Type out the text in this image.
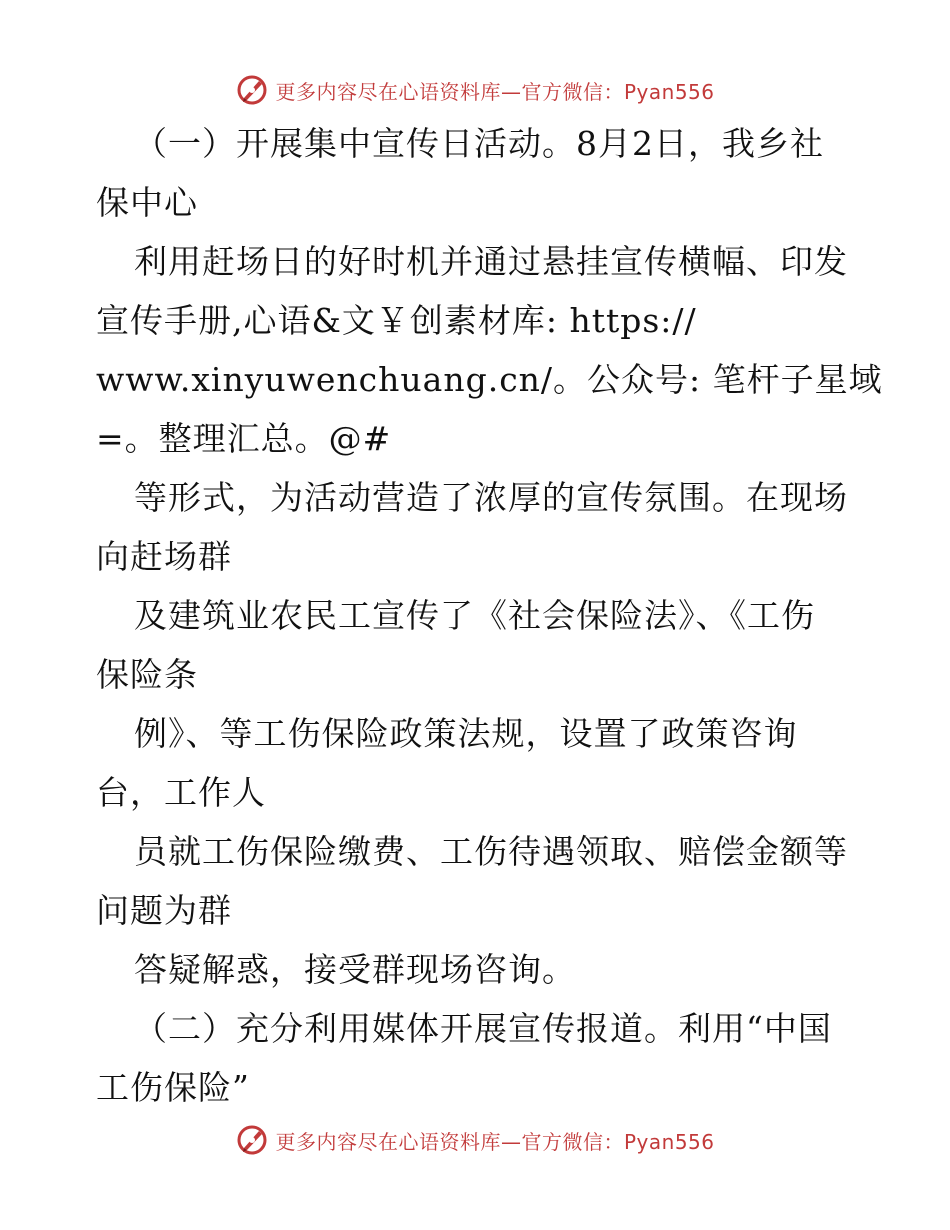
更多内容尽在心语资料库—官方微信：Pyan556
（一）开展集中宣传日活动。8月2日，我乡社
保中心
利用赶场日的好时机并通过悬挂宣传横幅、印发
宣传手册,心语&文￥创素材库: https://
www.xinyuwenchuang.cn/。公众号: 笔杆子星域
=。整理汇总。@#
等形式，为活动营造了浓厚的宣传氛围。在现场
向赶场群
及建筑业农民工宣传了《社会保险法》、《工伤
保险条
例》、等工伤保险政策法规，设置了政策咨询
台，工作人
员就工伤保险缴费、工伤待遇领取、赔偿金额等
问题为群
答疑解惑，接受群现场咨询。
（二）充分利用媒体开展宣传报道。利用“中国
工伤保险”
更多内容尽在心语资料库—官方微信：Pyan556
